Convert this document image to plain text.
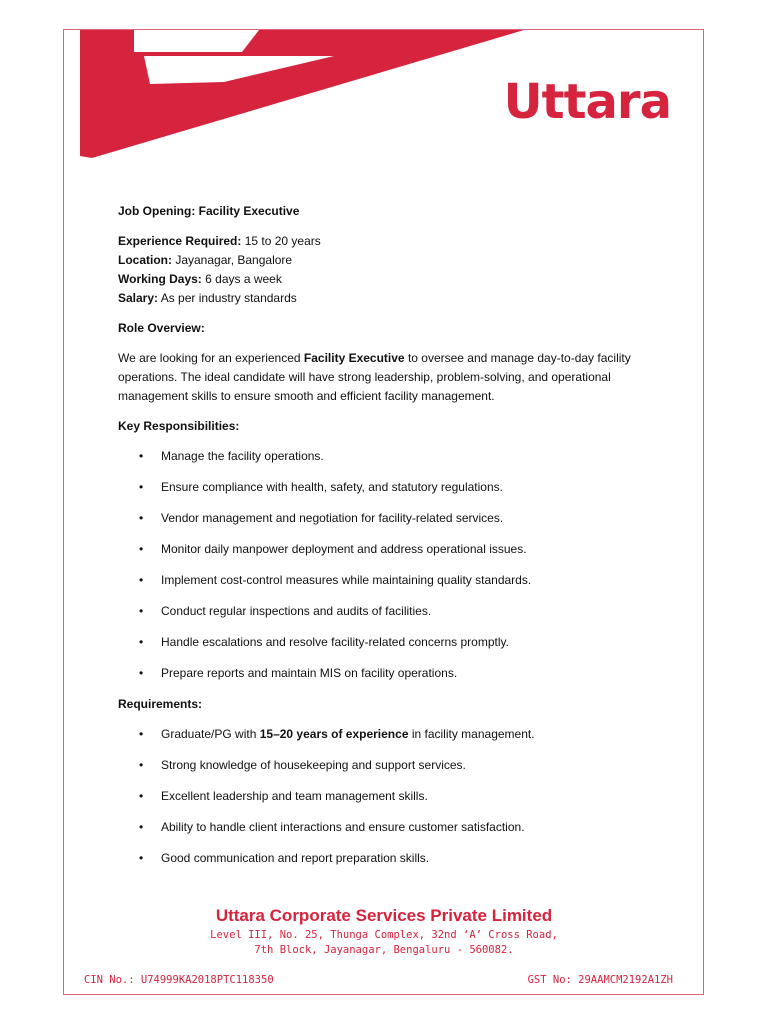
Uttara

Job Opening: Facility Executive

Experience Required: 15 to 20 years

Location: Jayanagar, Bangalore

Working Days: 6 days a week

Salary: As per industry standards

Role Overview:

We are looking for an experienced Facility Executive to oversee and manage day-to-day facility operations. The ideal candidate will have strong leadership, problem-solving, and operational management skills to ensure smooth and efficient facility management.

Key Responsibilities:

• Manage the facility operations.
• Ensure compliance with health, safety, and statutory regulations.
• Vendor management and negotiation for facility-related services.
• Monitor daily manpower deployment and address operational issues.
• Implement cost-control measures while maintaining quality standards.
• Conduct regular inspections and audits of facilities.
• Handle escalations and resolve facility-related concerns promptly.
• Prepare reports and maintain MIS on facility operations.

Requirements:

• Graduate/PG with 15–20 years of experience in facility management.
• Strong knowledge of housekeeping and support services.
• Excellent leadership and team management skills.
• Ability to handle client interactions and ensure customer satisfaction.
• Good communication and report preparation skills.
Uttara Corporate Services Private Limited
Level III, No. 25, Thunga Complex, 32nd ‘A’ Cross Road,
7th Block, Jayanagar, Bengaluru - 560082.
CIN No.: U74999KA2018PTC118350	GST No: 29AAMCM2192A1ZH
